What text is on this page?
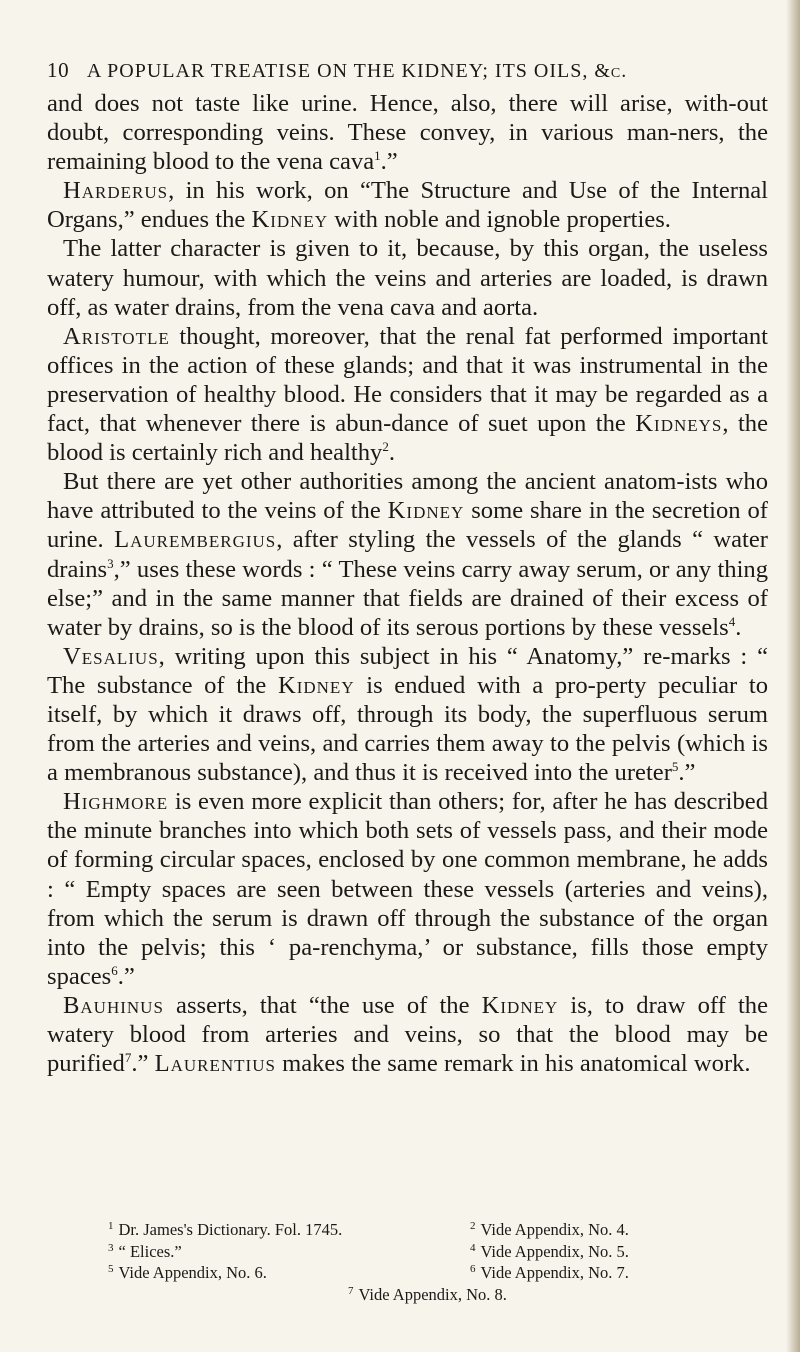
10 A POPULAR TREATISE ON THE KIDNEY; ITS OILS, &c.

and does not taste like urine. Hence, also, there will arise, with-out doubt, corresponding veins. These convey, in various man-ners, the remaining blood to the vena cava$^1$.”

Harderus, in his work, on “The Structure and Use of the Internal Organs,” endues the Kidney with noble and ignoble properties.

The latter character is given to it, because, by this organ, the useless watery humour, with which the veins and arteries are loaded, is drawn off, as water drains, from the vena cava and aorta.

Aristotle thought, moreover, that the renal fat performed important offices in the action of these glands; and that it was instrumental in the preservation of healthy blood. He considers that it may be regarded as a fact, that whenever there is abun-dance of suet upon the Kidneys, the blood is certainly rich and healthy$^2$.

But there are yet other authorities among the ancient anatom-ists who have attributed to the veins of the Kidney some share in the secretion of urine. Laurembergius, after styling the vessels of the glands “ water drains$^3$,” uses these words : “ These veins carry away serum, or any thing else;” and in the same manner that fields are drained of their excess of water by drains, so is the blood of its serous portions by these vessels$^4$.

Vesalius, writing upon this subject in his “ Anatomy,” re-marks : “ The substance of the Kidney is endued with a pro-perty peculiar to itself, by which it draws off, through its body, the superfluous serum from the arteries and veins, and carries them away to the pelvis (which is a membranous substance), and thus it is received into the ureter$^5$.”

Highmore is even more explicit than others; for, after he has described the minute branches into which both sets of vessels pass, and their mode of forming circular spaces, enclosed by one common membrane, he adds : “ Empty spaces are seen between these vessels (arteries and veins), from which the serum is drawn off through the substance of the organ into the pelvis; this ‘ pa-renchyma,’ or substance, fills those empty spaces$^6$.”

Bauhinus asserts, that “the use of the Kidney is, to draw off the watery blood from arteries and veins, so that the blood may be purified$^7$.” Laurentius makes the same remark in his anatomical work.

$^1$ Dr. James's Dictionary. Fol. 1745.	$^2$ Vide Appendix, No. 4.
$^3$ “ Elices.”	$^4$ Vide Appendix, No. 5.
$^5$ Vide Appendix, No. 6.	$^6$ Vide Appendix, No. 7.
$^7$ Vide Appendix, No. 8.
